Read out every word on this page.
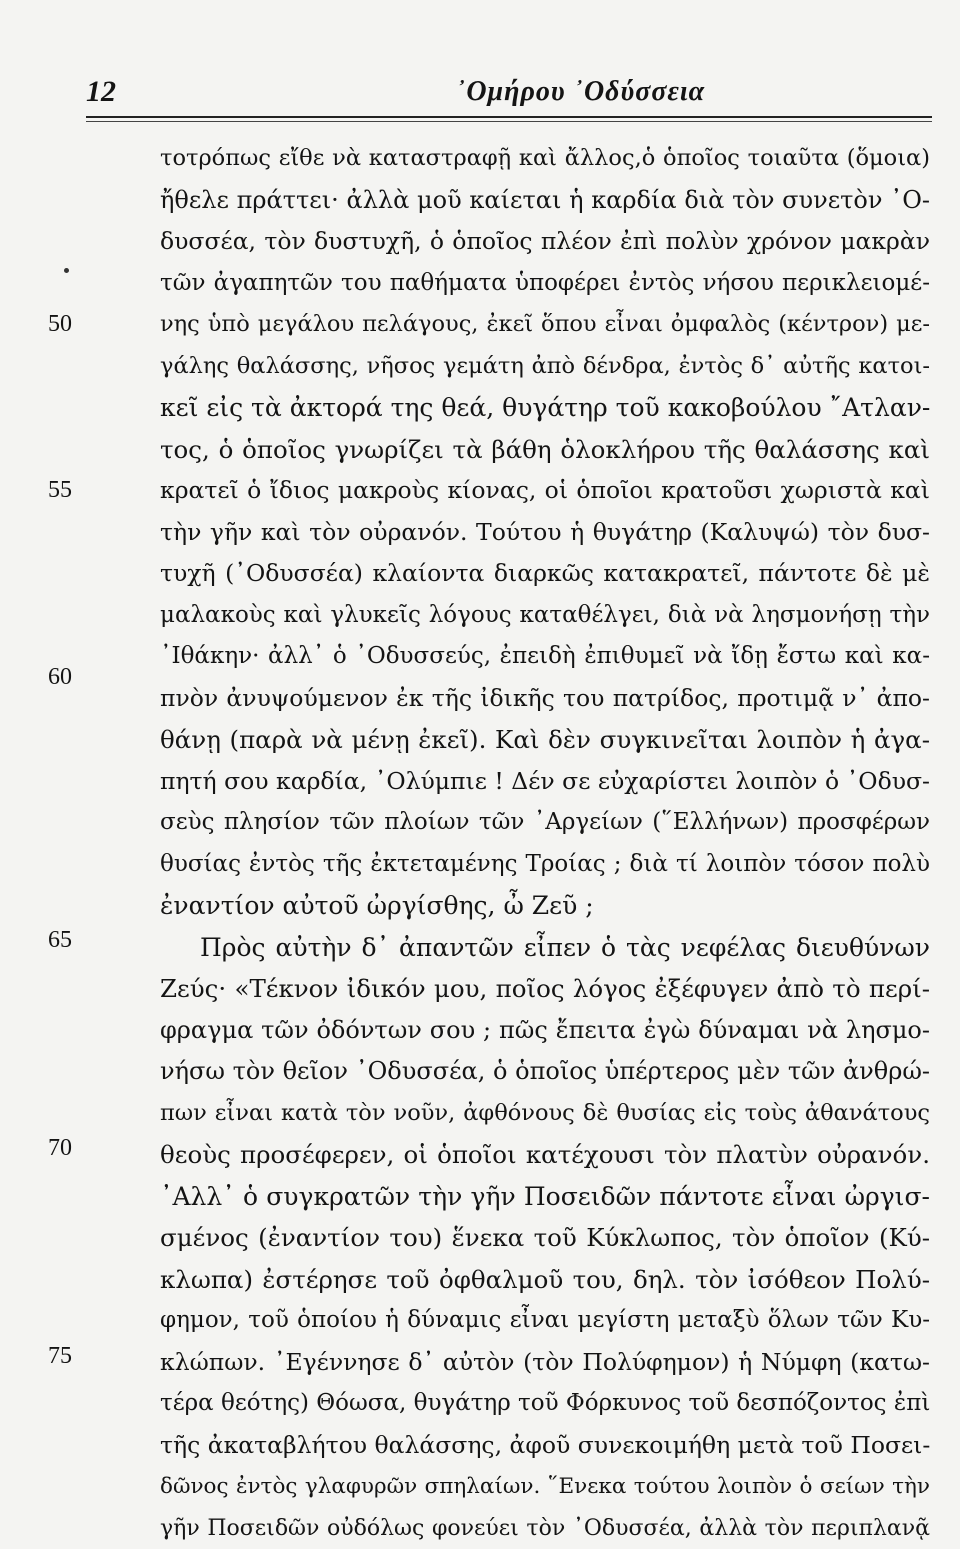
12	᾽Ομήρου ᾽Οδύσσεια
50
55
60
65
70
75
τοτρόπως εἴθε νὰ καταστραφῇ καὶ ἄλλος,ὁ ὁποῖος τοιαῦτα (ὅμοια)
ἤθελε πράττει· ἀλλὰ μοῦ καίεται ἡ καρδία διὰ τὸν συνετὸν ᾽Ο-
δυσσέα, τὸν δυστυχῆ, ὁ ὁποῖος πλέον ἐπὶ πολὺν χρόνον μακρὰν
τῶν ἀγαπητῶν του παθήματα ὑποφέρει ἐντὸς νήσου περικλειομέ-
νης ὑπὸ μεγάλου πελάγους, ἐκεῖ ὅπου εἶναι ὀμφαλὸς (κέντρον) με-
γάλης θαλάσσης, νῆσος γεμάτη ἀπὸ δένδρα, ἐντὸς δ᾽ αὐτῆς κατοι-
κεῖ εἰς τὰ ἀκτορά της θεά, θυγάτηρ τοῦ κακοβούλου ῎Ατλαν-
τος, ὁ ὁποῖος γνωρίζει τὰ βάθη ὁλοκλήρου τῆς θαλάσσης καὶ
κρατεῖ ὁ ἴδιος μακροὺς κίονας, οἱ ὁποῖοι κρατοῦσι χωριστὰ καὶ
τὴν γῆν καὶ τὸν οὐρανόν. Τούτου ἡ θυγάτηρ (Καλυψώ) τὸν δυσ-
τυχῆ (᾽Οδυσσέα) κλαίοντα διαρκῶς κατακρατεῖ, πάντοτε δὲ μὲ
μαλακοὺς καὶ γλυκεῖς λόγους καταθέλγει, διὰ νὰ λησμονήσῃ τὴν
᾽Ιθάκην· ἀλλ᾽ ὁ ᾽Οδυσσεύς, ἐπειδὴ ἐπιθυμεῖ νὰ ἴδῃ ἔστω καὶ κα-
πνὸν ἀνυψούμενον ἐκ τῆς ἰδικῆς του πατρίδος, προτιμᾷ ν᾽ ἀπο-
θάνῃ (παρὰ νὰ μένῃ ἐκεῖ). Καὶ δὲν συγκινεῖται λοιπὸν ἡ ἀγα-
πητή σου καρδία, ᾽Ολύμπιε ! Δέν σε εὐχαρίστει λοιπὸν ὁ ᾽Οδυσ-
σεὺς πλησίον τῶν πλοίων τῶν ᾽Αργείων (῞Ελλήνων) προσφέρων
θυσίας ἐντὸς τῆς ἐκτεταμένης Τροίας ; διὰ τί λοιπὸν τόσον πολὺ
ἐναντίον αὐτοῦ ὠργίσθης, ὦ Ζεῦ ;
Πρὸς αὐτὴν δ᾽ ἀπαντῶν εἶπεν ὁ τὰς νεφέλας διευθύνων
Ζεύς· «Τέκνον ἰδικόν μου, ποῖος λόγος ἐξέφυγεν ἀπὸ τὸ περί-
φραγμα τῶν ὀδόντων σου ; πῶς ἔπειτα ἐγὼ δύναμαι νὰ λησμο-
νήσω τὸν θεῖον ᾽Οδυσσέα, ὁ ὁποῖος ὑπέρτερος μὲν τῶν ἀνθρώ-
πων εἶναι κατὰ τὸν νοῦν, ἀφθόνους δὲ θυσίας εἰς τοὺς ἀθανάτους
θεοὺς προσέφερεν, οἱ ὁποῖοι κατέχουσι τὸν πλατὺν οὐρανόν.
᾽Αλλ᾽ ὁ συγκρατῶν τὴν γῆν Ποσειδῶν πάντοτε εἶναι ὠργισ-
σμένος (ἐναντίον του) ἕνεκα τοῦ Κύκλωπος, τὸν ὁποῖον (Κύ-
κλωπα) ἐστέρησε τοῦ ὀφθαλμοῦ του, δηλ. τὸν ἰσόθεον Πολύ-
φημον, τοῦ ὁποίου ἡ δύναμις εἶναι μεγίστη μεταξὺ ὅλων τῶν Κυ-
κλώπων. ᾽Εγέννησε δ᾽ αὐτὸν (τὸν Πολύφημον) ἡ Νύμφη (κατω-
τέρα θεότης) Θόωσα, θυγάτηρ τοῦ Φόρκυνος τοῦ δεσπόζοντος ἐπὶ
τῆς ἀκαταβλήτου θαλάσσης, ἀφοῦ συνεκοιμήθη μετὰ τοῦ Ποσει-
δῶνος ἐντὸς γλαφυρῶν σπηλαίων. ῞Ενεκα τούτου λοιπὸν ὁ σείων τὴν
γῆν Ποσειδῶν οὐδόλως φονεύει τὸν ᾽Οδυσσέα, ἀλλὰ τὸν περιπλανᾷ
